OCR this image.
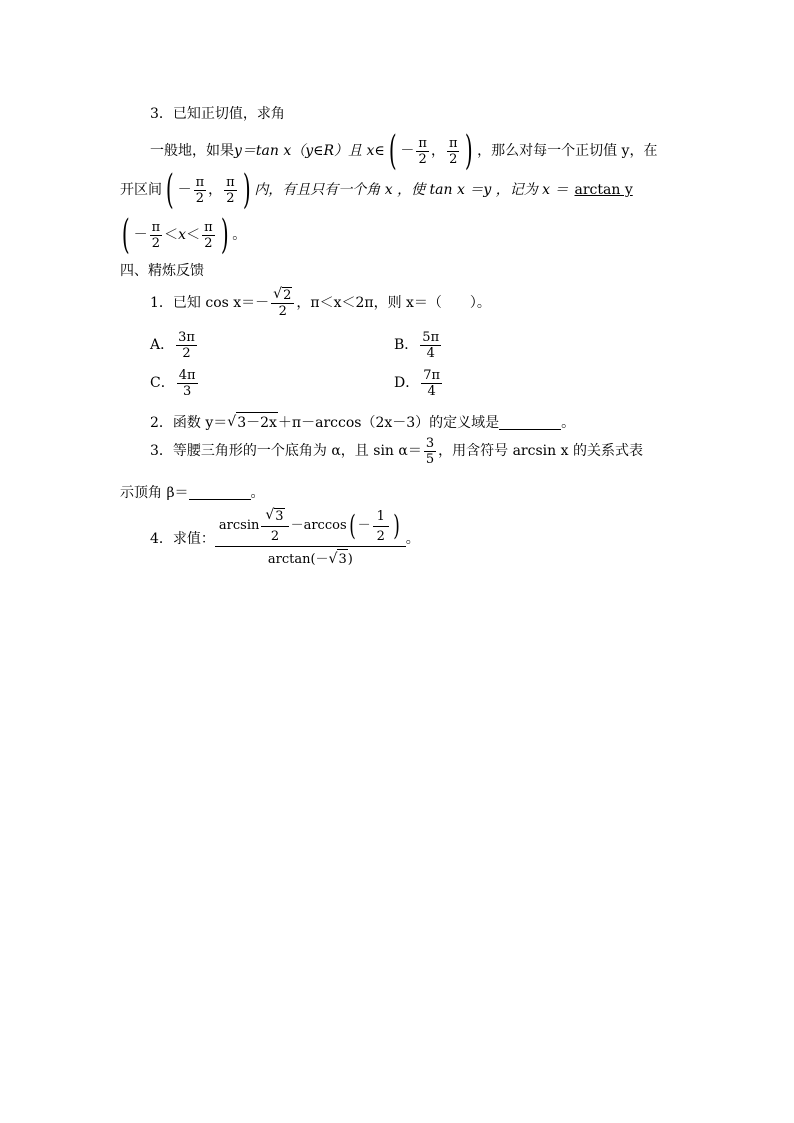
3．已知正切值，求角
一般地，如果 y＝tan x（y∈R）且 x∈ ( － $\frac{\pi}{2}$ ， $\frac{\pi}{2}$ ) ，那么对每一个正切值 y，在
开区间 ( － $\frac{\pi}{2}$ ， $\frac{\pi}{2}$ ) 内，有且只有一个角 x ，使 tan x ＝y ，记为 x ＝ arctan y
( － $\frac{\pi}{2} < x < \frac{\pi}{2}$ ) 。
四、精炼反馈
1．已知 $\cos x=- \frac{√ 2}{2}$ ，π＜x＜2π，则 x＝（　　）。
A． $\frac{3\pi}{2}$	B． $\frac{5\pi}{4}$
C． $\frac{4\pi}{3}$	D． $\frac{7\pi}{4}$
2．函数 y＝ √ 3－2x ＋π－arccos（2x－3）的定义域是	。
3．等腰三角形的一个底角为 α，且 $\sin \alpha= \frac{3}{5}$ ，用含符号 arcsin x 的关系式表
示顶角 β＝	。
4．求值：
$\arcsin \frac{√ 3}{2} - \arccos$ ( － $\frac{1}{2}$ )
arctan(－ √ 3 )
。
